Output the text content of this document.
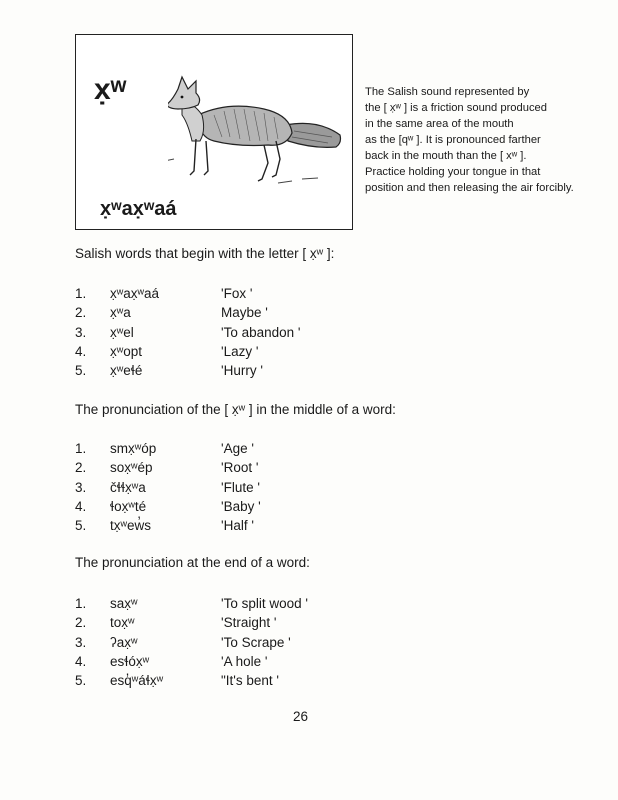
x̣ʷ
x̣ʷax̣ʷaá
The Salish sound represented by
the [ x̣ʷ ] is a friction sound produced
in the same area of the mouth
as the [qʷ ]. It is pronounced farther
back in the mouth than the [ xʷ ].
Practice holding your tongue in that
position and then releasing the air forcibly.
Salish words that begin with the letter [ x̣ʷ ]:
1. x̣ʷax̣ʷaá	'Fox '
2. x̣ʷa	Maybe '
3. x̣ʷel	'To abandon '
4. x̣ʷopt	'Lazy '
5. x̣ʷeɬé	'Hurry '
The pronunciation of the [ x̣ʷ ] in the middle of a word:
1. smx̣ʷóp	'Age '
2. sox̣ʷép	'Root '
3. čɬɬx̣ʷa	'Flute '
4. ɬox̣ʷté	'Baby '
5. tx̣ʷew̓s	'Half '
The pronunciation at the end of a word:
1. sax̣ʷ	'To split wood '
2. tox̣ʷ	'Straight '
3. ʔax̣ʷ	'To Scrape '
4. esɬóx̣ʷ	'A hole '
5. esq̓ʷáɬx̣ʷ	"It's bent '
26
